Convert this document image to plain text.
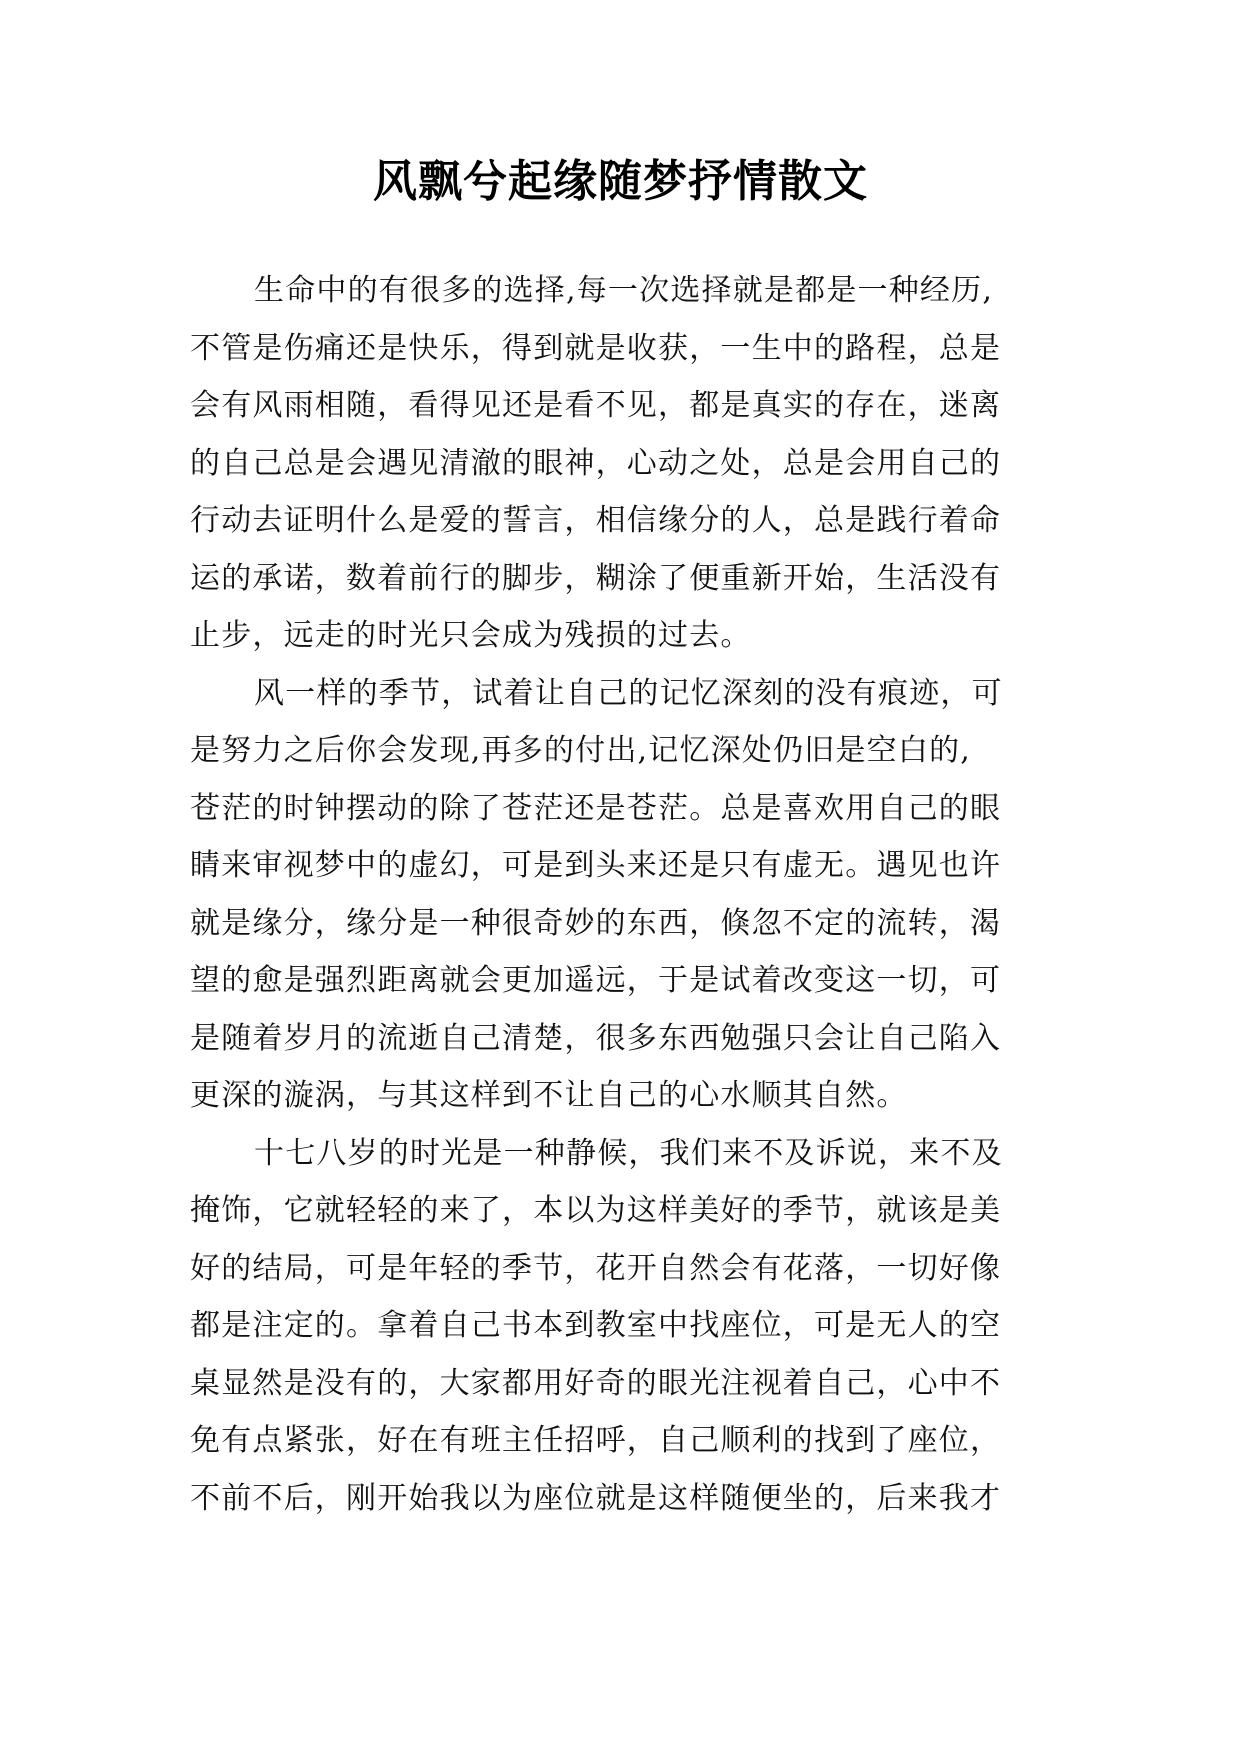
风飘兮起缘随梦抒情散文
生命中的有很多的选择,每一次选择就是都是一种经历,
不管是伤痛还是快乐，得到就是收获，一生中的路程，总是
会有风雨相随，看得见还是看不见，都是真实的存在，迷离
的自己总是会遇见清澈的眼神，心动之处，总是会用自己的
行动去证明什么是爱的誓言，相信缘分的人，总是践行着命
运的承诺，数着前行的脚步，糊涂了便重新开始，生活没有
止步，远走的时光只会成为残损的过去。
风一样的季节，试着让自己的记忆深刻的没有痕迹，可
是努力之后你会发现,再多的付出,记忆深处仍旧是空白的,
苍茫的时钟摆动的除了苍茫还是苍茫。总是喜欢用自己的眼
睛来审视梦中的虚幻，可是到头来还是只有虚无。遇见也许
就是缘分，缘分是一种很奇妙的东西，倏忽不定的流转，渴
望的愈是强烈距离就会更加遥远，于是试着改变这一切，可
是随着岁月的流逝自己清楚，很多东西勉强只会让自己陷入
更深的漩涡，与其这样到不让自己的心水顺其自然。
十七八岁的时光是一种静候，我们来不及诉说，来不及
掩饰，它就轻轻的来了，本以为这样美好的季节，就该是美
好的结局，可是年轻的季节，花开自然会有花落，一切好像
都是注定的。拿着自己书本到教室中找座位，可是无人的空
桌显然是没有的，大家都用好奇的眼光注视着自己，心中不
免有点紧张，好在有班主任招呼，自己顺利的找到了座位，
不前不后，刚开始我以为座位就是这样随便坐的，后来我才
